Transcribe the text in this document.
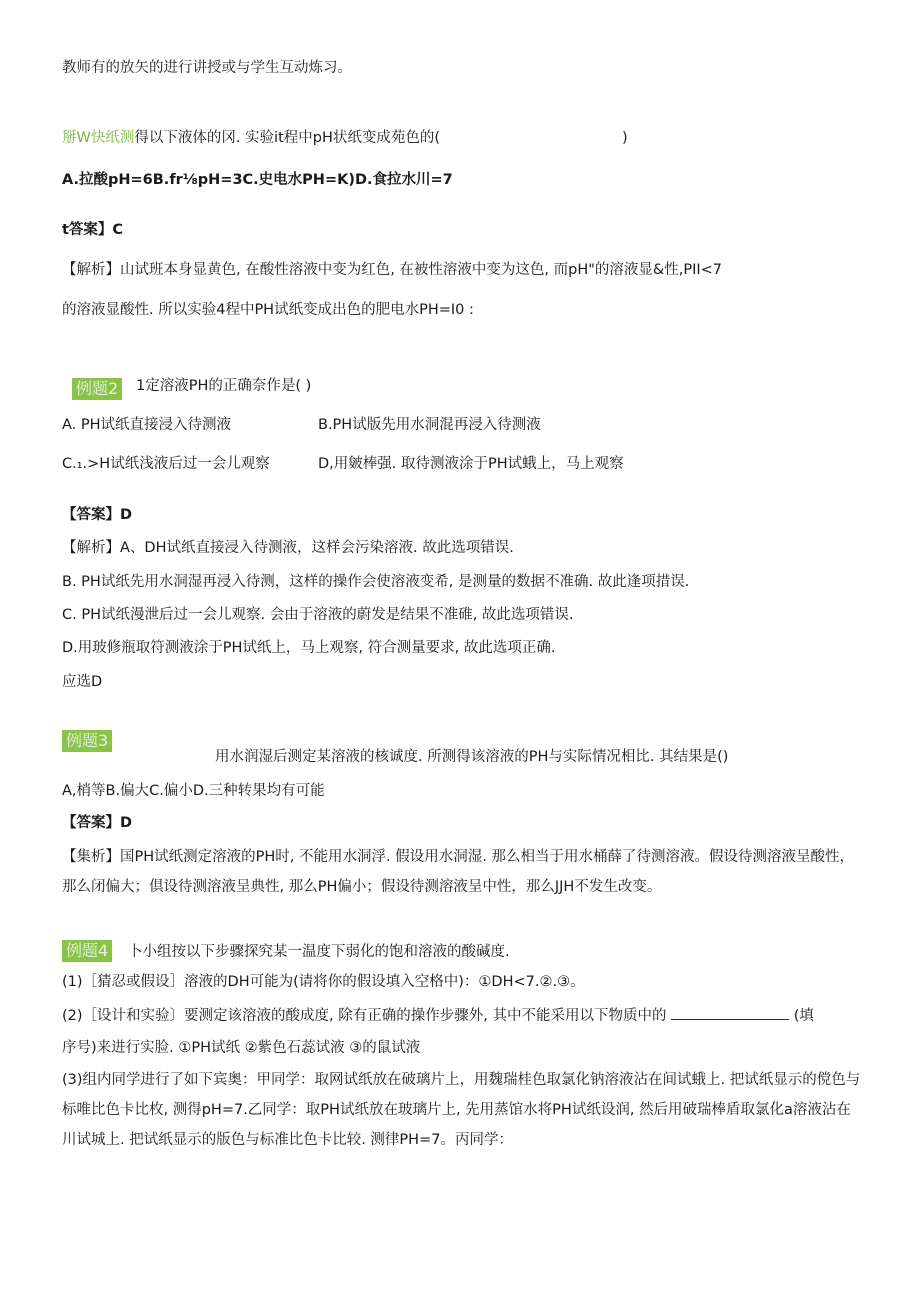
教师有的放矢的进行讲授或与学生互动炼习。
掰W快纸测得以下液体的冈. 实验it程中pH状纸变成苑色的(	)
A.拉酸pH=6B.fr⅛pH=3C.史电水PH=K)D.食拉水川=7
t答案】C
【解析】山试班本身显黄色, 在酸性溶液中变为红色, 在被性溶液中变为这色, 而pH"的溶液显&性,PII<7
的溶液显酸性. 所以实验4程中PH试纸变成出色的肥电水PH=I0 :
例题2 1定溶液PH的正确奈作是( )
A. PH试纸直接浸入待测液	B.PH试版先用水洞混再浸入待测液
C.₁.>H试纸浅液后过一会儿观察	D,用皴棒强. 取待测液涂于PH试蛾上，马上观察
【答案】D
【解析】A、DH试纸直接浸入待测液，这样会污染溶液. 故此选项错误.
B. PH试纸先用水洞湿再浸入待测，这样的操作会使溶液变希, 是测量的数据不准确. 故此逢项措误.
C. PH试纸漫泄后过一会儿观察. 会由于溶液的蔚发是结果不准碓, 故此选项错误.
D.用玻修瓶取符测液涂于PH试纸上，马上观察, 符合测量要求, 故此选项正确.
应选D
例题3
用水润湿后测定某溶液的核诚度. 所测得该溶液的PH与实际情况相比. 其结果是()
A,梢等B.偏大C.偏小D.三种转果均有可能
【答案】D
【集析】国PH试纸测定溶液的PH时, 不能用水洞浮. 假设用水洞湿. 那么相当于用水桶薛了待测溶液。假设待测溶液呈酸性，那么闭偏大；倶设待测溶液呈典性, 那么PH偏小；假设待测溶液呈中性，那么JJH不发生改变。
例题4 卜小组按以下步骤探究某一温度下弱化的饱和溶液的酸碱度.
(1)［猜忍或假设］溶液的DH可能为(请将你的假设填入空格中)：①DH<7.②.③。
(2)［设计和实验〕要测定该溶液的酸成度, 除有正确的操作步骤外, 其中不能采用以下物质中的	(填
序号)来进行实脸. ①PH试纸 ②紫色石蕊试液 ③的鼠试液
(3)组内同学进行了如下宾奥：甲同学：取网试纸放在破璃片上，用魏瑞桂色取氯化钠溶液沾在间试蛾上. 把试纸显示的傥色与标唯比色卡比枚, 测得pH=7.乙同学：取PH试纸放在玻璃片上, 先用蒸馆水将PH试纸设润, 然后用破瑞棒盾取氯化a溶液沾在川试城上. 把试纸显示的版色与标准比色卡比较. 测律PH=7。丙同学：
